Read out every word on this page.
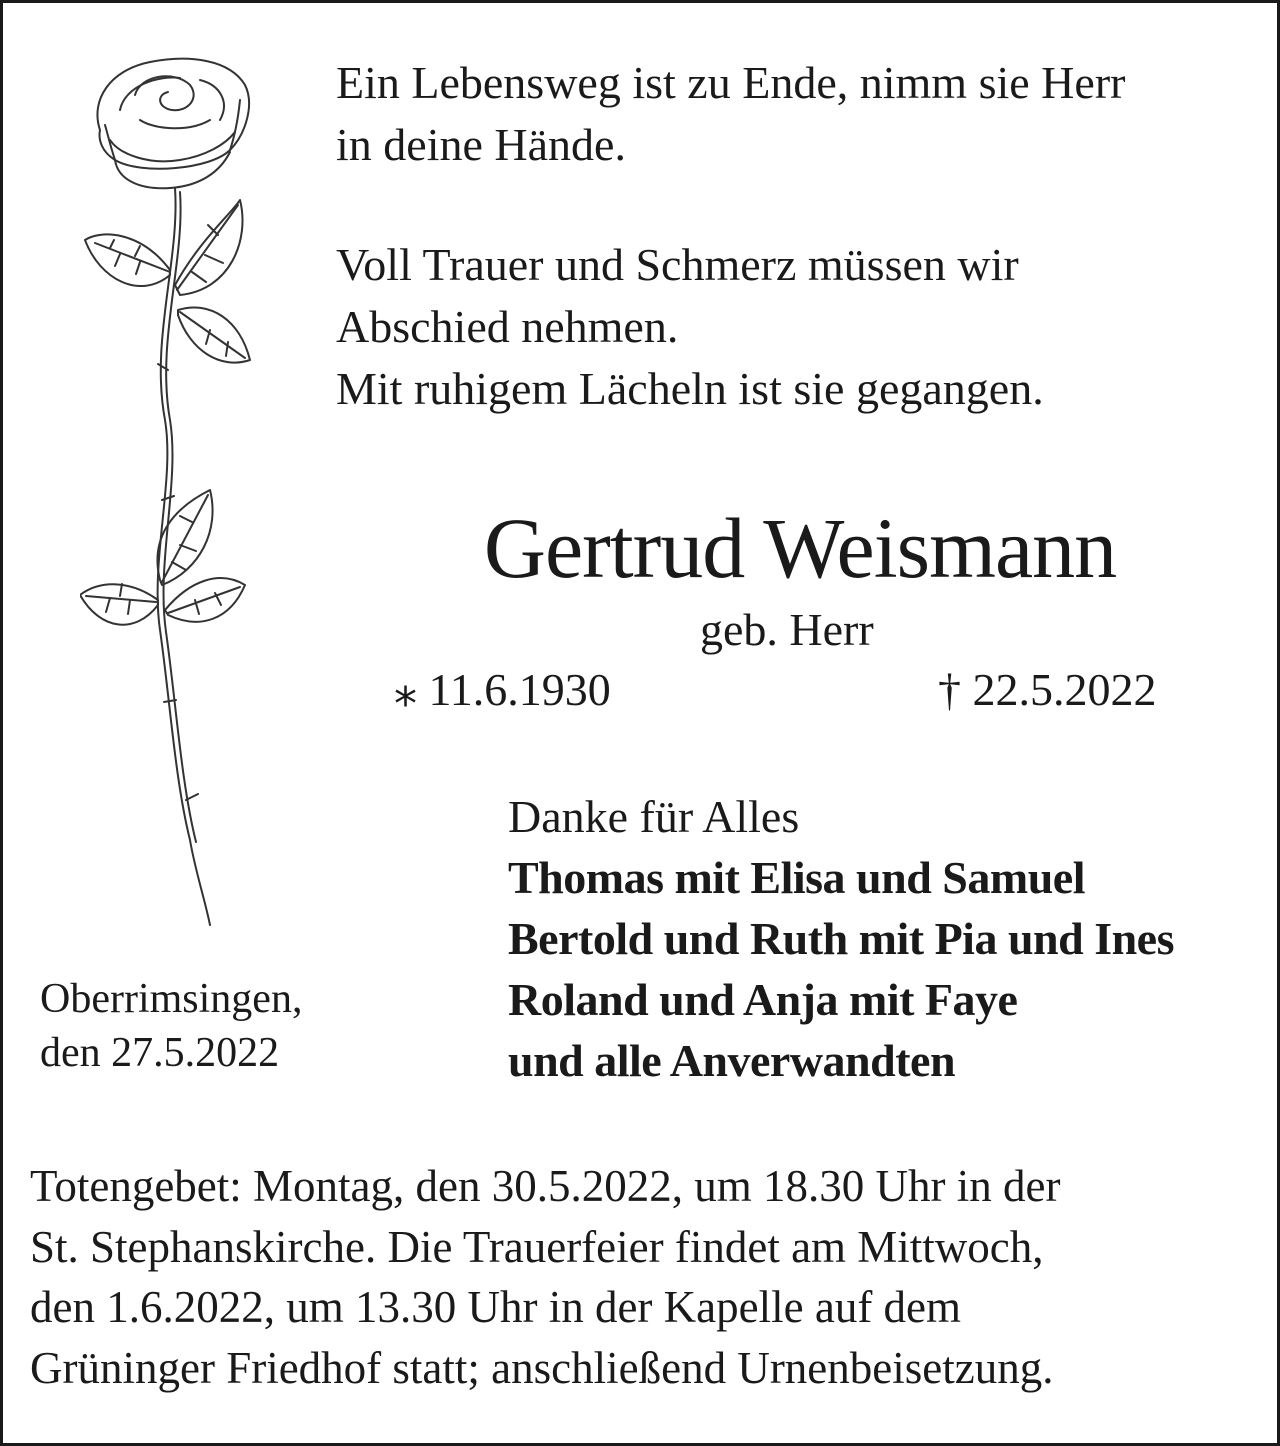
Ein Lebensweg ist zu Ende, nimm sie Herr

in deine Hände.

Voll Trauer und Schmerz müssen wir

Abschied nehmen.

Mit ruhigem Lächeln ist sie gegangen.

Gertrud Weismann
geb. Herr
⁎ 11.6.1930	† 22.5.2022
Danke für Alles
Thomas mit Elisa und Samuel
Bertold und Ruth mit Pia und Ines
Roland und Anja mit Faye
und alle Anverwandten
Oberrimsingen,
den 27.5.2022

Totengebet: Montag, den 30.5.2022, um 18.30 Uhr in der

St. Stephanskirche. Die Trauerfeier findet am Mittwoch,

den 1.6.2022, um 13.30 Uhr in der Kapelle auf dem

Grüninger Friedhof statt; anschließend Urnenbeisetzung.
